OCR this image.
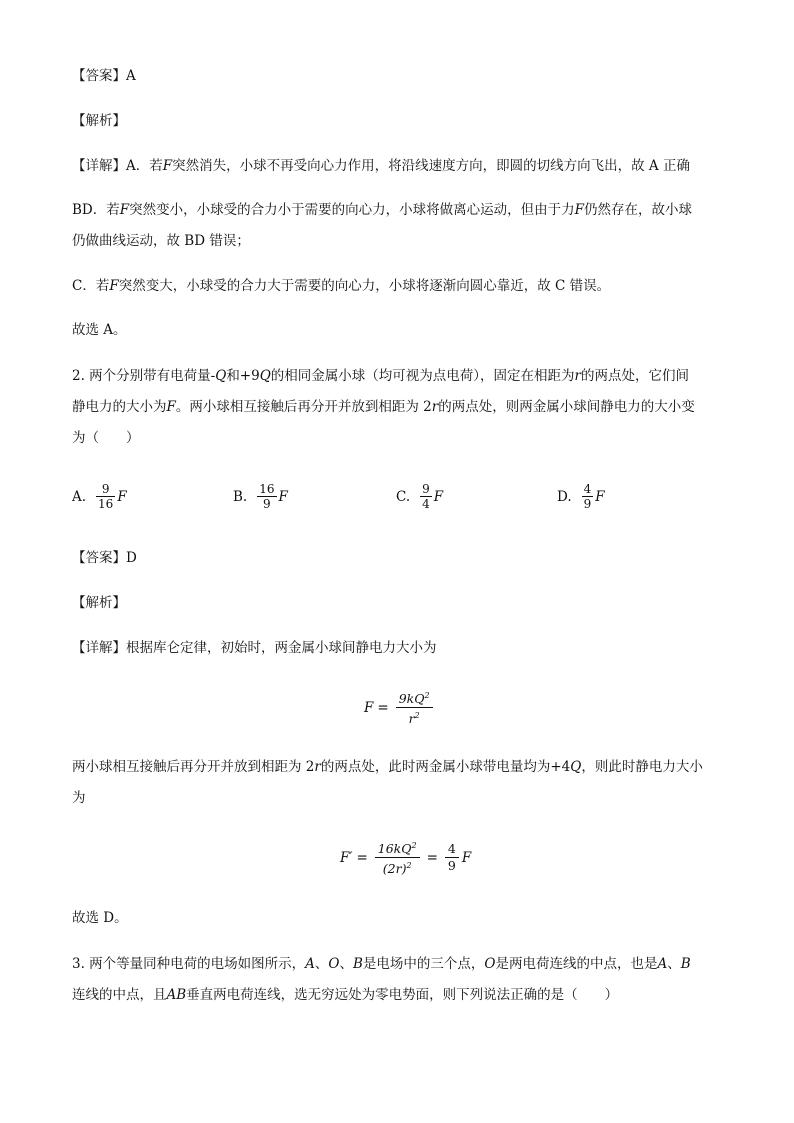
【答案】A
【解析】
【详解】A．若F突然消失，小球不再受向心力作用，将沿线速度方向，即圆的切线方向飞出，故 A 正确
BD．若F突然变小，小球受的合力小于需要的向心力，小球将做离心运动，但由于力F仍然存在，故小球
仍做曲线运动，故 BD 错误；
C．若F突然变大，小球受的合力大于需要的向心力，小球将逐渐向圆心靠近，故 C 错误。
故选 A。
2. 两个分别带有电荷量-Q和+9Q的相同金属小球（均可视为点电荷），固定在相距为r的两点处，它们间
静电力的大小为F。两小球相互接触后再分开并放到相距为 2r的两点处，则两金属小球间静电力的大小变
为（　　）
A. $\frac{9}{16}$ F	B. $\frac{16}{9}$ F	C. $\frac{9}{4}$ F	D. $\frac{4}{9}$ F
【答案】D
【解析】
【详解】根据库仑定律，初始时，两金属小球间静电力大小为
F =
$9kQ^2$
$r^2$
两小球相互接触后再分开并放到相距为 2r的两点处，此时两金属小球带电量均为+4Q，则此时静电力大小
为
F′ =
$16kQ^2$
$(2r)^2$ =
4
9 F
故选 D。
3. 两个等量同种电荷的电场如图所示，A、O、B是电场中的三个点，O是两电荷连线的中点，也是A、B
连线的中点，且AB垂直两电荷连线，选无穷远处为零电势面，则下列说法正确的是（　　）
